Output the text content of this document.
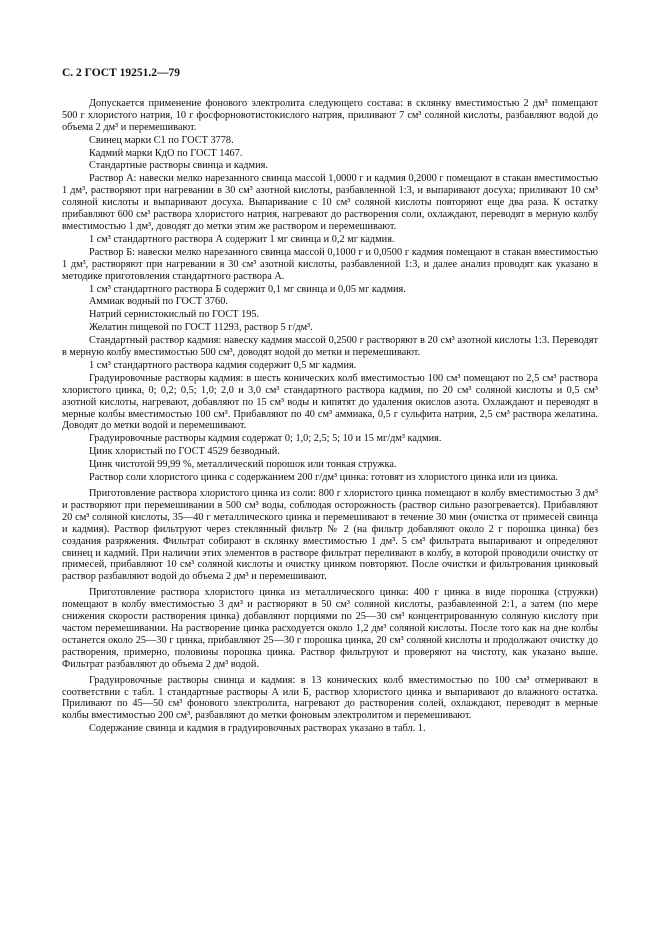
С. 2 ГОСТ 19251.2—79

Допускается применение фонового электролита следующего состава: в склянку вместимостью 2 дм³ помещают 500 г хлористого натрия, 10 г фосфорновотистокислого натрия, приливают 7 см³ соляной кислоты, разбавляют водой до объема 2 дм³ и перемешивают.

Свинец марки С1 по ГОСТ 3778.

Кадмий марки КдО по ГОСТ 1467.

Стандартные растворы свинца и кадмия.

Раствор А: навески мелко нарезанного свинца массой 1,0000 г и кадмия 0,2000 г помещают в стакан вместимостью 1 дм³, растворяют при нагревании в 30 см³ азотной кислоты, разбавленной 1:3, и выпаривают досуха; приливают 10 см³ соляной кислоты и выпаривают досуха. Выпаривание с 10 см³ соляной кислоты повторяют еще два раза. К остатку прибавляют 600 см³ раствора хлористого натрия, нагревают до растворения соли, охлаждают, переводят в мерную колбу вместимостью 1 дм³, доводят до метки этим же раствором и перемешивают.

1 см³ стандартного раствора А содержит 1 мг свинца и 0,2 мг кадмия.

Раствор Б: навески мелко нарезанного свинца массой 0,1000 г и 0,0500 г кадмия помещают в стакан вместимостью 1 дм³, растворяют при нагревании в 30 см³ азотной кислоты, разбавленной 1:3, и далее анализ проводят как указано в методике приготовления стандартного раствора А.

1 см³ стандартного раствора Б содержит 0,1 мг свинца и 0,05 мг кадмия.

Аммиак водный по ГОСТ 3760.

Натрий сернистокислый по ГОСТ 195.

Желатин пищевой по ГОСТ 11293, раствор 5 г/дм³.

Стандартный раствор кадмия: навеску кадмия массой 0,2500 г растворяют в 20 см³ азотной кислоты 1:3. Переводят в мерную колбу вместимостью 500 см³, доводят водой до метки и перемешивают.

1 см³ стандартного раствора кадмия содержит 0,5 мг кадмия.

Градуировочные растворы кадмия: в шесть конических колб вместимостью 100 см³ помещают по 2,5 см³ раствора хлористого цинка, 0; 0,2; 0,5; 1,0; 2,0 и 3,0 см³ стандартного раствора кадмия, по 20 см³ соляной кислоты и 0,5 см³ азотной кислоты, нагревают, добавляют по 15 см³ воды и кипятят до удаления окислов азота. Охлаждают и переводят в мерные колбы вместимостью 100 см³. Прибавляют по 40 см³ аммиака, 0,5 г сульфита натрия, 2,5 см³ раствора желатина. Доводят до метки водой и перемешивают.

Градуировочные растворы кадмия содержат 0; 1,0; 2,5; 5; 10 и 15 мг/дм³ кадмия.

Цинк хлористый по ГОСТ 4529 безводный.

Цинк чистотой 99,99 %, металлический порошок или тонкая стружка.

Раствор соли хлористого цинка с содержанием 200 г/дм³ цинка: готовят из хлористого цинка или из цинка.

Приготовление раствора хлористого цинка из соли: 800 г хлористого цинка помещают в колбу вместимостью 3 дм³ и растворяют при перемешивании в 500 см³ воды, соблюдая осторожность (раствор сильно разогревается). Прибавляют 20 см³ соляной кислоты, 35—40 г металлического цинка и перемешивают в течение 30 мин (очистка от примесей свинца и кадмия). Раствор фильтруют через стеклянный фильтр № 2 (на фильтр добавляют около 2 г порошка цинка) без создания разряжения. Фильтрат собирают в склянку вместимостью 1 дм³. 5 см³ фильтрата выпаривают и определяют свинец и кадмий. При наличии этих элементов в растворе фильтрат переливают в колбу, в которой проводили очистку от примесей, прибавляют 10 см³ соляной кислоты и очистку цинком повторяют. После очистки и фильтрования цинковый раствор разбавляют водой до объема 2 дм³ и перемешивают.

Приготовление раствора хлористого цинка из металлического цинка: 400 г цинка в виде порошка (стружки) помещают в колбу вместимостью 3 дм³ и растворяют в 50 см³ соляной кислоты, разбавленной 2:1, а затем (по мере снижения скорости растворения цинка) добавляют порциями по 25—30 см³ концентрированную соляную кислоту при частом перемешивании. На растворение цинка расходуется около 1,2 дм³ соляной кислоты. После того как на дне колбы останется около 25—30 г цинка, прибавляют 25—30 г порошка цинка, 20 см³ соляной кислоты и продолжают очистку до растворения, примерно, половины порошка цинка. Раствор фильтруют и проверяют на чистоту, как указано выше. Фильтрат разбавляют до объема 2 дм³ водой.

Градуировочные растворы свинца и кадмия: в 13 конических колб вместимостью по 100 см³ отмеривают в соответствии с табл. 1 стандартные растворы А или Б, раствор хлористого цинка и выпаривают до влажного остатка. Приливают по 45—50 см³ фонового электролита, нагревают до растворения солей, охлаждают, переводят в мерные колбы вместимостью 200 см³, разбавляют до метки фоновым электролитом и перемешивают.

Содержание свинца и кадмия в градуировочных растворах указано в табл. 1.
